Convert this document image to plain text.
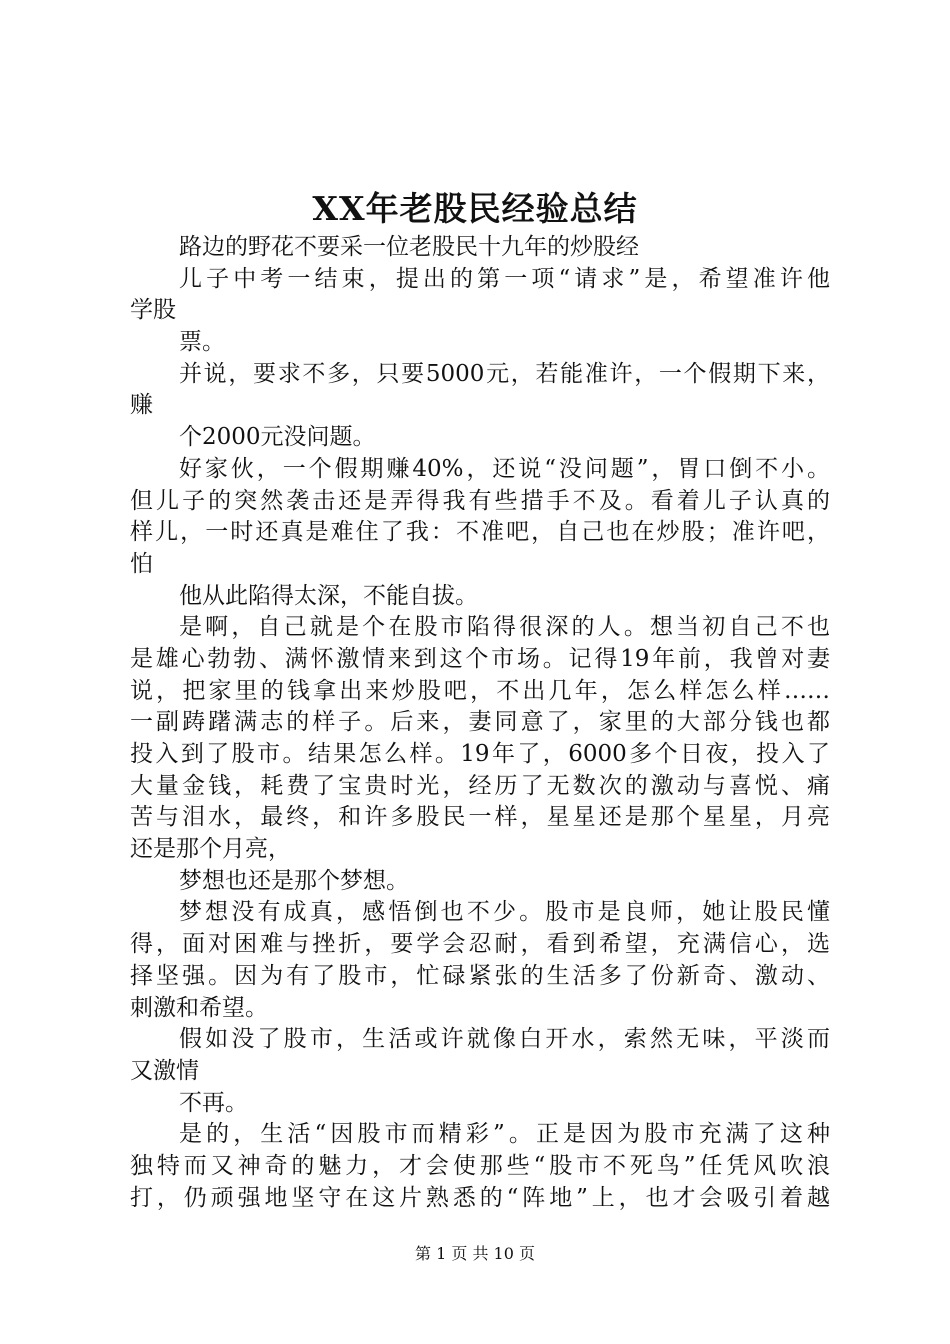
XX年老股民经验总结
路边的野花不要采一位老股民十九年的炒股经
儿子中考一结束，提出的第一项“请求”是，希望准许他
学股
票。
并说，要求不多，只要5000元，若能准许，一个假期下来，
赚
个2000元没问题。
好家伙，一个假期赚40%，还说“没问题”，胃口倒不小。
但儿子的突然袭击还是弄得我有些措手不及。看着儿子认真的
样儿，一时还真是难住了我：不准吧，自己也在炒股；准许吧，
怕
他从此陷得太深，不能自拔。
是啊，自己就是个在股市陷得很深的人。想当初自己不也
是雄心勃勃、满怀激情来到这个市场。记得19年前，我曾对妻
说，把家里的钱拿出来炒股吧，不出几年，怎么样怎么样……
一副踌躇满志的样子。后来，妻同意了，家里的大部分钱也都
投入到了股市。结果怎么样。19年了，6000多个日夜，投入了
大量金钱，耗费了宝贵时光，经历了无数次的激动与喜悦、痛
苦与泪水，最终，和许多股民一样，星星还是那个星星，月亮
还是那个月亮，
梦想也还是那个梦想。
梦想没有成真，感悟倒也不少。股市是良师，她让股民懂
得，面对困难与挫折，要学会忍耐，看到希望，充满信心，选
择坚强。因为有了股市，忙碌紧张的生活多了份新奇、激动、
刺激和希望。
假如没了股市，生活或许就像白开水，索然无味，平淡而
又激情
不再。
是的，生活“因股市而精彩”。正是因为股市充满了这种
独特而又神奇的魅力，才会使那些“股市不死鸟”任凭风吹浪
打，仍顽强地坚守在这片熟悉的“阵地”上，也才会吸引着越
第 1 页 共 10 页
